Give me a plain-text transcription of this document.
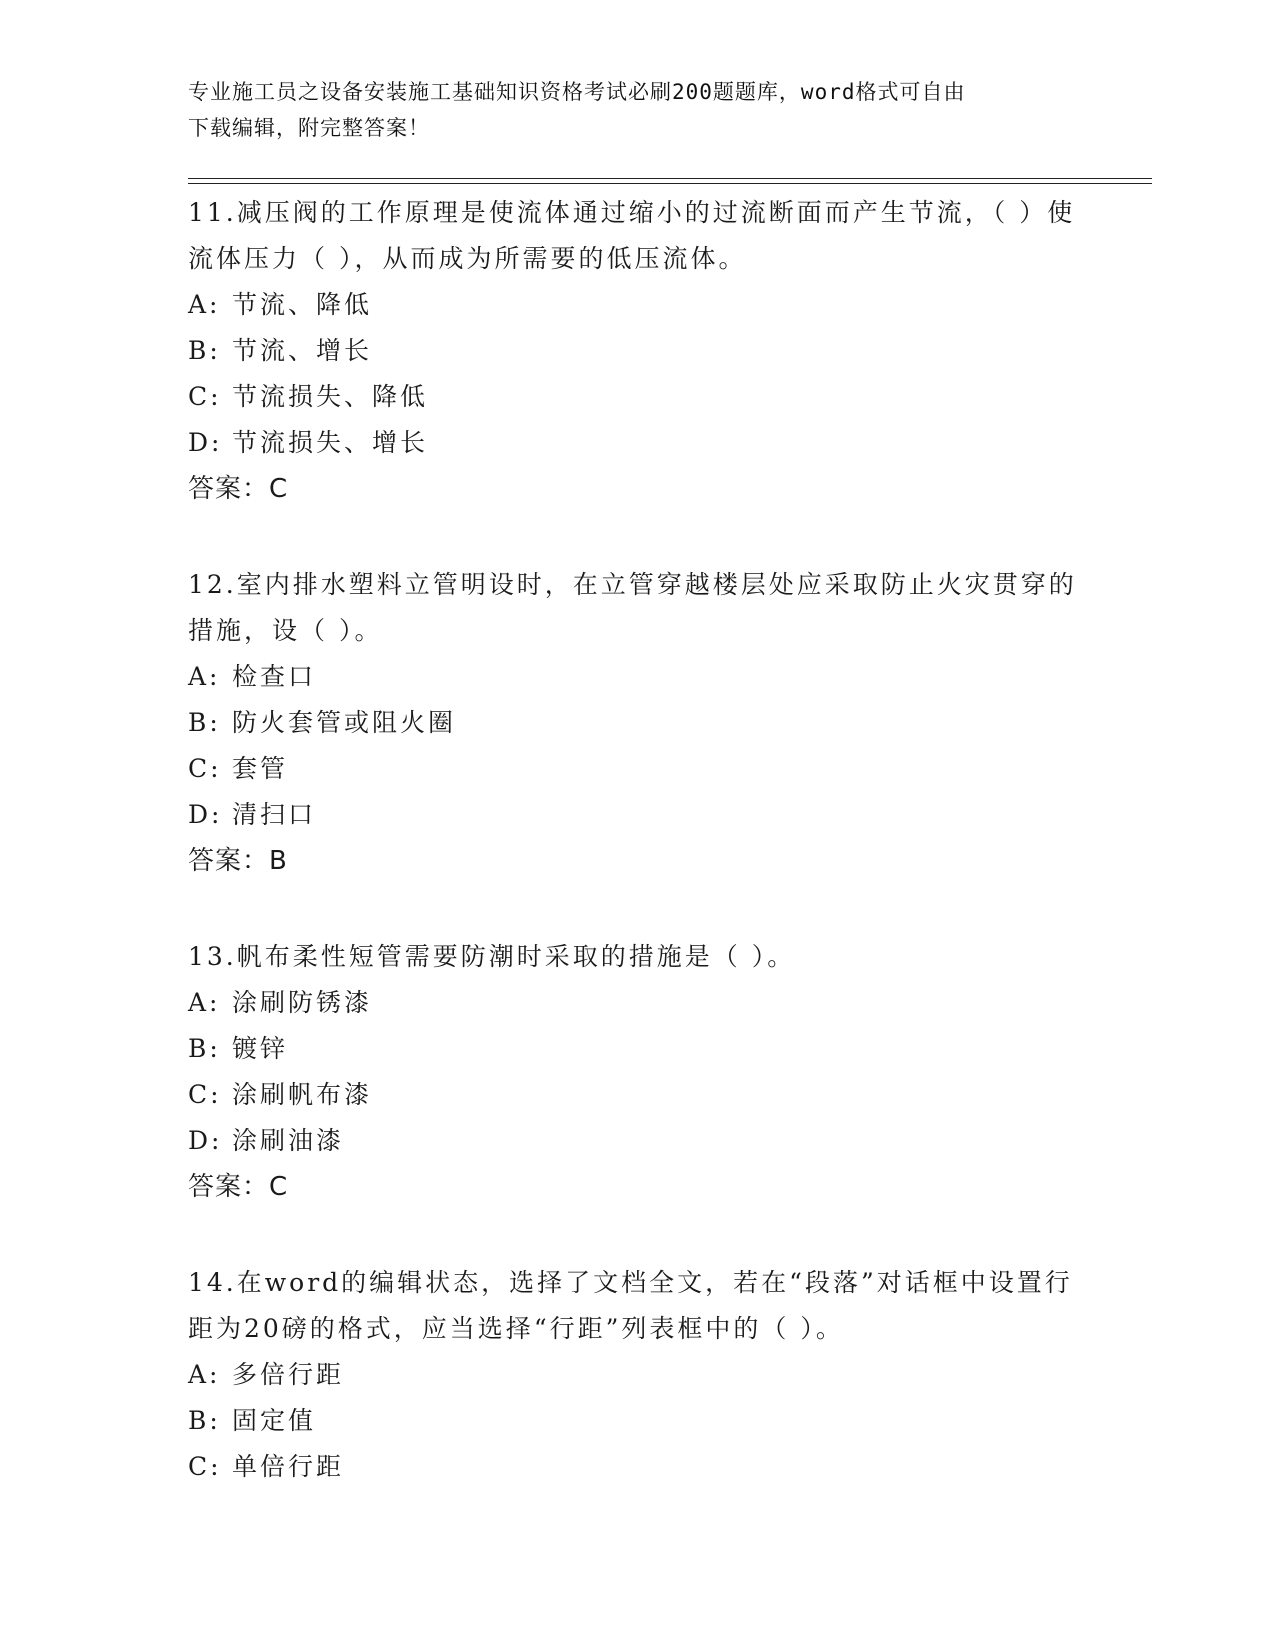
专业施工员之设备安装施工基础知识资格考试必刷200题题库，word格式可自由
下载编辑，附完整答案！
11.减压阀的工作原理是使流体通过缩小的过流断面而产生节流，（ ）使流体压力（ ），从而成为所需要的低压流体。
A: 节流、降低
B: 节流、增长
C: 节流损失、降低
D: 节流损失、增长
答案：C
12.室内排水塑料立管明设时，在立管穿越楼层处应采取防止火灾贯穿的措施，设（ ）。
A: 检查口
B: 防火套管或阻火圈
C: 套管
D: 清扫口
答案：B
13.帆布柔性短管需要防潮时采取的措施是（ ）。
A: 涂刷防锈漆
B: 镀锌
C: 涂刷帆布漆
D: 涂刷油漆
答案：C
14.在word的编辑状态，选择了文档全文，若在“段落”对话框中设置行距为20磅的格式，应当选择“行距”列表框中的（ ）。
A: 多倍行距
B: 固定值
C: 单倍行距
